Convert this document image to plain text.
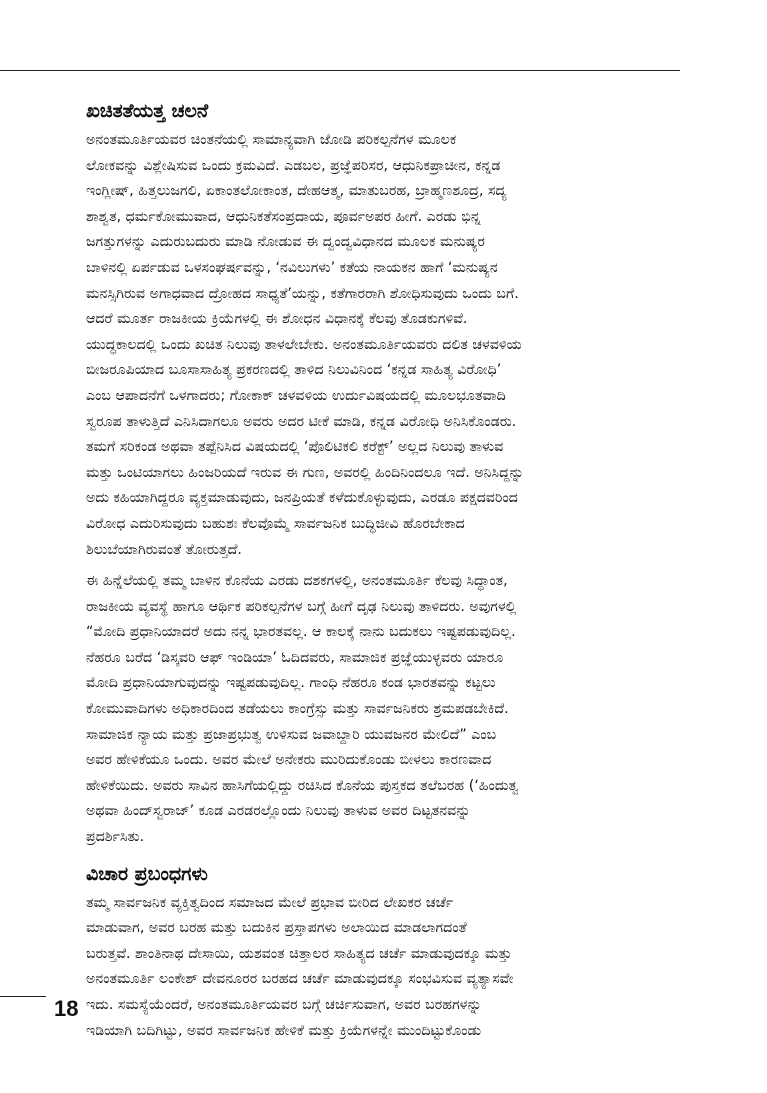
ಖಚಿತತೆಯತ್ತ ಚಲನೆ
ಅನಂತಮೂರ್ತಿಯವರ ಚಿಂತನೆಯಲ್ಲಿ ಸಾಮಾನ್ಯವಾಗಿ ಜೋಡಿ ಪರಿಕಲ್ಪನೆಗಳ ಮೂಲಕ
ಲೋಕವನ್ನು ವಿಶ್ಲೇಷಿಸುವ ಒಂದು ಕ್ರಮವಿದೆ. ಎಡಬಲ, ಪ್ರಜ್ಞೆಪರಿಸರ, ಆಧುನಿಕಪ್ರಾಚೀನ, ಕನ್ನಡ
ಇಂಗ್ಲೀಷ್, ಹಿತ್ತಲುಜಗಲಿ, ಏಕಾಂತಲೋಕಾಂತ, ದೇಹಆತ್ಮ, ಮಾತುಬರಹ, ಬ್ರಾಹ್ಮಣಶೂದ್ರ, ಸದ್ಯ
ಶಾಶ್ವತ, ಧರ್ಮಕೋಮುವಾದ, ಆಧುನಿಕತೆಸಂಪ್ರದಾಯ, ಪೂರ್ವಅಪರ ಹೀಗೆ. ಎರಡು ಭಿನ್ನ
ಜಗತ್ತುಗಳನ್ನು ಎದುರುಬದುರು ಮಾಡಿ ನೋಡುವ ಈ ದ್ವಂದ್ವವಿಧಾನದ ಮೂಲಕ ಮನುಷ್ಯರ
ಬಾಳಿನಲ್ಲಿ ಏರ್ಪಡುವ ಒಳಸಂಘರ್ಷವನ್ನು, ‘ನವಿಲುಗಳು’ ಕತೆಯ ನಾಯಕನ ಹಾಗೆ ‘ಮನುಷ್ಯನ
ಮನಸ್ಸಿಗಿರುವ ಅಗಾಧವಾದ ದ್ರೋಹದ ಸಾಧ್ಯತೆ’ಯನ್ನು, ಕತೆಗಾರರಾಗಿ ಶೋಧಿಸುವುದು ಒಂದು ಬಗೆ.
ಆದರೆ ಮೂರ್ತ ರಾಜಕೀಯ ಕ್ರಿಯೆಗಳಲ್ಲಿ ಈ ಶೋಧನ ವಿಧಾನಕ್ಕೆ ಕೆಲವು ತೊಡಕುಗಳಿವೆ.
ಯುದ್ಧಕಾಲದಲ್ಲಿ ಒಂದು ಖಚಿತ ನಿಲುವು ತಾಳಲೇಬೇಕು. ಅನಂತಮೂರ್ತಿಯವರು ದಲಿತ ಚಳವಳಿಯ
ಬೀಜರೂಪಿಯಾದ ಬೂಸಾಸಾಹಿತ್ಯ ಪ್ರಕರಣದಲ್ಲಿ ತಾಳಿದ ನಿಲುವಿನಿಂದ ‘ಕನ್ನಡ ಸಾಹಿತ್ಯ ವಿರೋಧಿ’
ಎಂಬ ಆಪಾದನೆಗೆ ಒಳಗಾದರು; ಗೋಕಾಕ್ ಚಳವಳಿಯ ಉರ್ದುವಿಷಯದಲ್ಲಿ ಮೂಲಭೂತವಾದಿ
ಸ್ವರೂಪ ತಾಳುತ್ತಿದೆ ಎನಿಸಿದಾಗಲೂ ಅವರು ಅದರ ಟೀಕೆ ಮಾಡಿ, ಕನ್ನಡ ವಿರೋಧಿ ಅನಿಸಿಕೊಂಡರು.
ತಮಗೆ ಸರಿಕಂಡ ಅಥವಾ ತಪ್ಪೆನಿಸಿದ ವಿಷಯದಲ್ಲಿ ‘ಪೊಲಿಟಿಕಲಿ ಕರೆಕ್ಟ್’ ಅಲ್ಲದ ನಿಲುವು ತಾಳುವ
ಮತ್ತು ಒಂಟಿಯಾಗಲು ಹಿಂಜರಿಯದೆ ಇರುವ ಈ ಗುಣ, ಅವರಲ್ಲಿ ಹಿಂದಿನಿಂದಲೂ ಇದೆ. ಅನಿಸಿದ್ದನ್ನು
ಅದು ಕಹಿಯಾಗಿದ್ದರೂ ವ್ಯಕ್ತಮಾಡುವುದು, ಜನಪ್ರಿಯತೆ ಕಳೆದುಕೊಳ್ಳುವುದು, ಎರಡೂ ಪಕ್ಷದವರಿಂದ
ವಿರೋಧ ಎದುರಿಸುವುದು ಬಹುಶಃ ಕೆಲವೊಮ್ಮೆ ಸಾರ್ವಜನಿಕ ಬುದ್ಧಿಜೀವಿ ಹೊರಬೇಕಾದ
ಶಿಲುಬೆಯಾಗಿರುವಂತೆ ತೋರುತ್ತದೆ.
ಈ ಹಿನ್ನೆಲೆಯಲ್ಲಿ ತಮ್ಮ ಬಾಳಿನ ಕೊನೆಯ ಎರಡು ದಶಕಗಳಲ್ಲಿ, ಅನಂತಮೂರ್ತಿ ಕೆಲವು ಸಿದ್ಧಾಂತ,
ರಾಜಕೀಯ ವ್ಯವಸ್ಥೆ ಹಾಗೂ ಆರ್ಥಿಕ ಪರಿಕಲ್ಪನೆಗಳ ಬಗ್ಗೆ ಹೀಗೆ ದೃಢ ನಿಲುವು ತಾಳಿದರು. ಅವುಗಳಲ್ಲಿ
“ಮೋದಿ ಪ್ರಧಾನಿಯಾದರೆ ಅದು ನನ್ನ ಭಾರತವಲ್ಲ. ಆ ಕಾಲಕ್ಕೆ ನಾನು ಬದುಕಲು ಇಷ್ಟಪಡುವುದಿಲ್ಲ.
ನೆಹರೂ ಬರೆದ ‘ಡಿಸ್ಕವರಿ ಆಫ್ ಇಂಡಿಯಾ’ ಓದಿದವರು, ಸಾಮಾಜಿಕ ಪ್ರಜ್ಞೆಯುಳ್ಳವರು ಯಾರೂ
ಮೋದಿ ಪ್ರಧಾನಿಯಾಗುವುದನ್ನು ಇಷ್ಟಪಡುವುದಿಲ್ಲ. ಗಾಂಧಿ ನೆಹರೂ ಕಂಡ ಭಾರತವನ್ನು ಕಟ್ಟಲು
ಕೋಮುವಾದಿಗಳು ಅಧಿಕಾರದಿಂದ ತಡೆಯಲು ಕಾಂಗ್ರೆಸ್ಸು ಮತ್ತು ಸಾರ್ವಜನಿಕರು ಶ್ರಮಪಡಬೇಕಿದೆ.
ಸಾಮಾಜಿಕ ನ್ಯಾಯ ಮತ್ತು ಪ್ರಜಾಪ್ರಭುತ್ವ ಉಳಿಸುವ ಜವಾಬ್ದಾರಿ ಯುವಜನರ ಮೇಲಿದೆ” ಎಂಬ
ಅವರ ಹೇಳಿಕೆಯೂ ಒಂದು. ಅವರ ಮೇಲೆ ಅನೇಕರು ಮುರಿದುಕೊಂಡು ಬೀಳಲು ಕಾರಣವಾದ
ಹೇಳಿಕೆಯಿದು. ಅವರು ಸಾವಿನ ಹಾಸಿಗೆಯಲ್ಲಿದ್ದು ರಚಿಸಿದ ಕೊನೆಯ ಪುಸ್ತಕದ ತಲೆಬರಹ (‘ಹಿಂದುತ್ವ
ಅಥವಾ ಹಿಂದ್‌ಸ್ವರಾಜ್’ ಕೂಡ ಎರಡರಲ್ಲೊಂದು ನಿಲುವು ತಾಳುವ ಅವರ ದಿಟ್ಟತನವನ್ನು
ಪ್ರದರ್ಶಿಸಿತು.
ವಿಚಾರ ಪ್ರಬಂಧಗಳು
ತಮ್ಮ ಸಾರ್ವಜನಿಕ ವ್ಯಕ್ತಿತ್ವದಿಂದ ಸಮಾಜದ ಮೇಲೆ ಪ್ರಭಾವ ಬೀರಿದ ಲೇಖಕರ ಚರ್ಚೆ
ಮಾಡುವಾಗ, ಅವರ ಬರಹ ಮತ್ತು ಬದುಕಿನ ಪ್ರಸ್ತಾಪಗಳು ಅಲಾಯಿದ ಮಾಡಲಾಗದಂತೆ
ಬರುತ್ತವೆ. ಶಾಂತಿನಾಥ ದೇಸಾಯಿ, ಯಶವಂತ ಚಿತ್ತಾಲರ ಸಾಹಿತ್ಯದ ಚರ್ಚೆ ಮಾಡುವುದಕ್ಕೂ ಮತ್ತು
ಅನಂತಮೂರ್ತಿ ಲಂಕೇಶ್ ದೇವನೂರರ ಬರಹದ ಚರ್ಚೆ ಮಾಡುವುದಕ್ಕೂ ಸಂಭವಿಸುವ ವ್ಯತ್ಯಾಸವೇ
ಇದು. ಸಮಸ್ಯೆಯೆಂದರೆ, ಅನಂತಮೂರ್ತಿಯವರ ಬಗ್ಗೆ ಚರ್ಚಿಸುವಾಗ, ಅವರ ಬರಹಗಳನ್ನು
ಇಡಿಯಾಗಿ ಬದಿಗಿಟ್ಟು, ಅವರ ಸಾರ್ವಜನಿಕ ಹೇಳಿಕೆ ಮತ್ತು ಕ್ರಿಯೆಗಳನ್ನೇ ಮುಂದಿಟ್ಟುಕೊಂಡು
18
